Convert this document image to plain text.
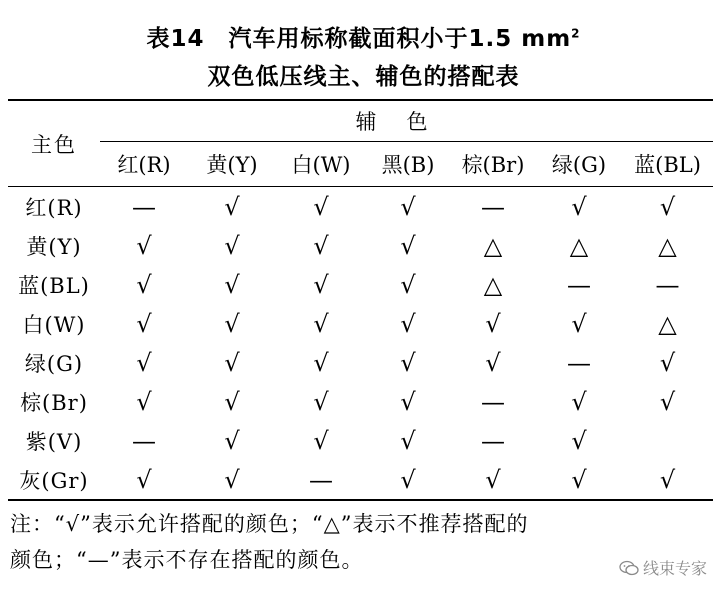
表14　汽车用标称截面积小于1.5 $mm^2$
双色低压线主、辅色的搭配表
主色	辅色						
	红(R)	黄(Y)	白(W)	黑(B)	棕(Br)	绿(G)	蓝(BL)
红(R)	—	√	√	√	—	√	√
黄(Y)	√	√	√	√	△	△	△
蓝(BL)	√	√	√	√	△	—	—
白(W)	√	√	√	√	√	√	△
绿(G)	√	√	√	√	√	—	√
棕(Br)	√	√	√	√	—	√	√
紫(V)	—	√	√	√	—	√	
灰(Gr)	√	√	—	√	√	√	√
注：“√”表示允许搭配的颜色；“△”表示不推荐搭配的
颜色；“—”表示不存在搭配的颜色。	线束专家
